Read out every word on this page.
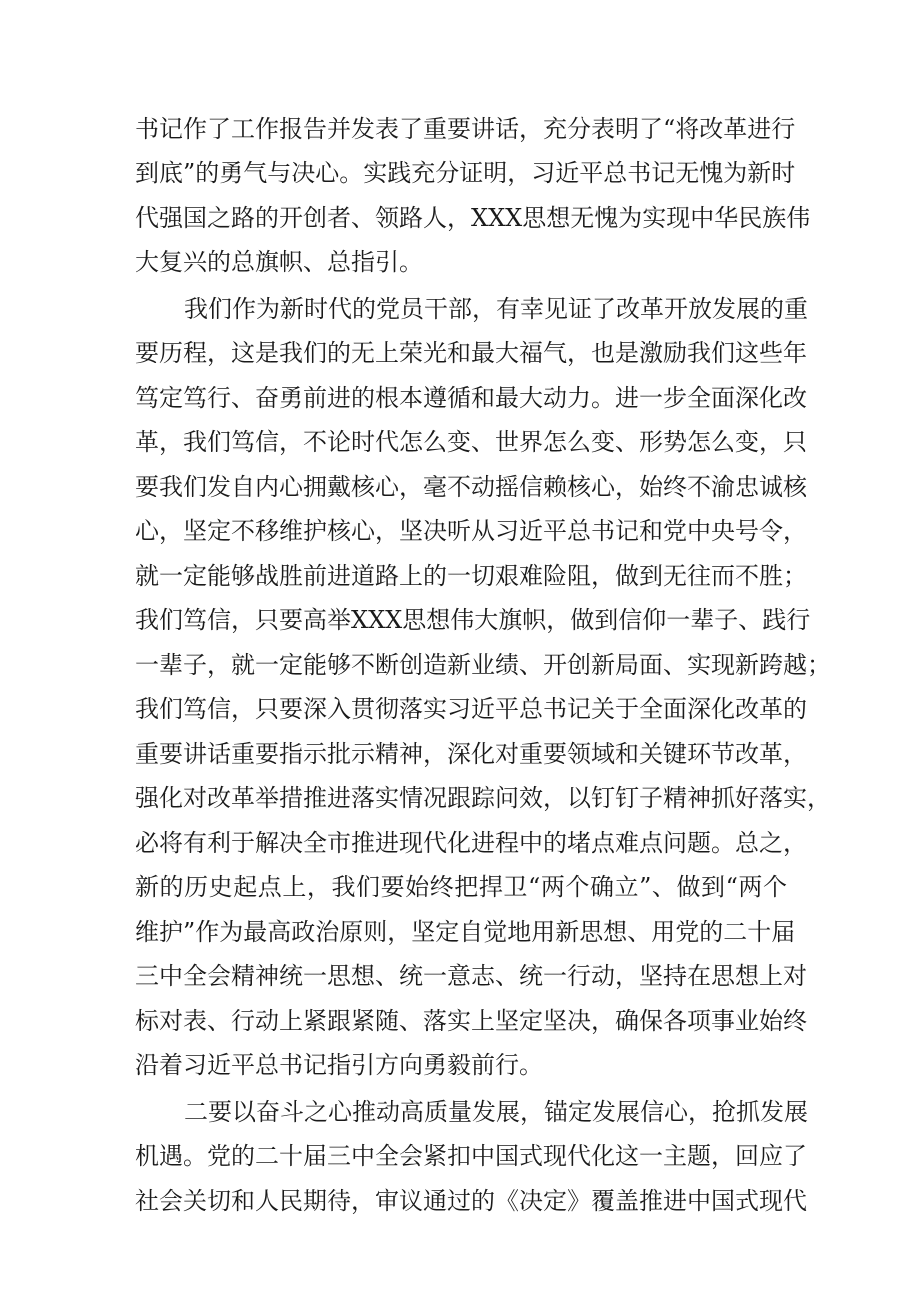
书记作了工作报告并发表了重要讲话，充分表明了“将改革进行
到底”的勇气与决心。实践充分证明，习近平总书记无愧为新时
代强国之路的开创者、领路人，XXX思想无愧为实现中华民族伟
大复兴的总旗帜、总指引。
我们作为新时代的党员干部，有幸见证了改革开放发展的重
要历程，这是我们的无上荣光和最大福气，也是激励我们这些年
笃定笃行、奋勇前进的根本遵循和最大动力。进一步全面深化改
革，我们笃信，不论时代怎么变、世界怎么变、形势怎么变，只
要我们发自内心拥戴核心，毫不动摇信赖核心，始终不渝忠诚核
心，坚定不移维护核心，坚决听从习近平总书记和党中央号令，
就一定能够战胜前进道路上的一切艰难险阻，做到无往而不胜；
我们笃信，只要高举XXX思想伟大旗帜，做到信仰一辈子、践行
一辈子，就一定能够不断创造新业绩、开创新局面、实现新跨越；
我们笃信，只要深入贯彻落实习近平总书记关于全面深化改革的
重要讲话重要指示批示精神，深化对重要领域和关键环节改革，
强化对改革举措推进落实情况跟踪问效，以钉钉子精神抓好落实，
必将有利于解决全市推进现代化进程中的堵点难点问题。总之，
新的历史起点上，我们要始终把捍卫“两个确立”、做到“两个
维护”作为最高政治原则，坚定自觉地用新思想、用党的二十届
三中全会精神统一思想、统一意志、统一行动，坚持在思想上对
标对表、行动上紧跟紧随、落实上坚定坚决，确保各项事业始终
沿着习近平总书记指引方向勇毅前行。
二要以奋斗之心推动高质量发展，锚定发展信心，抢抓发展
机遇。党的二十届三中全会紧扣中国式现代化这一主题，回应了
社会关切和人民期待，审议通过的《决定》覆盖推进中国式现代
